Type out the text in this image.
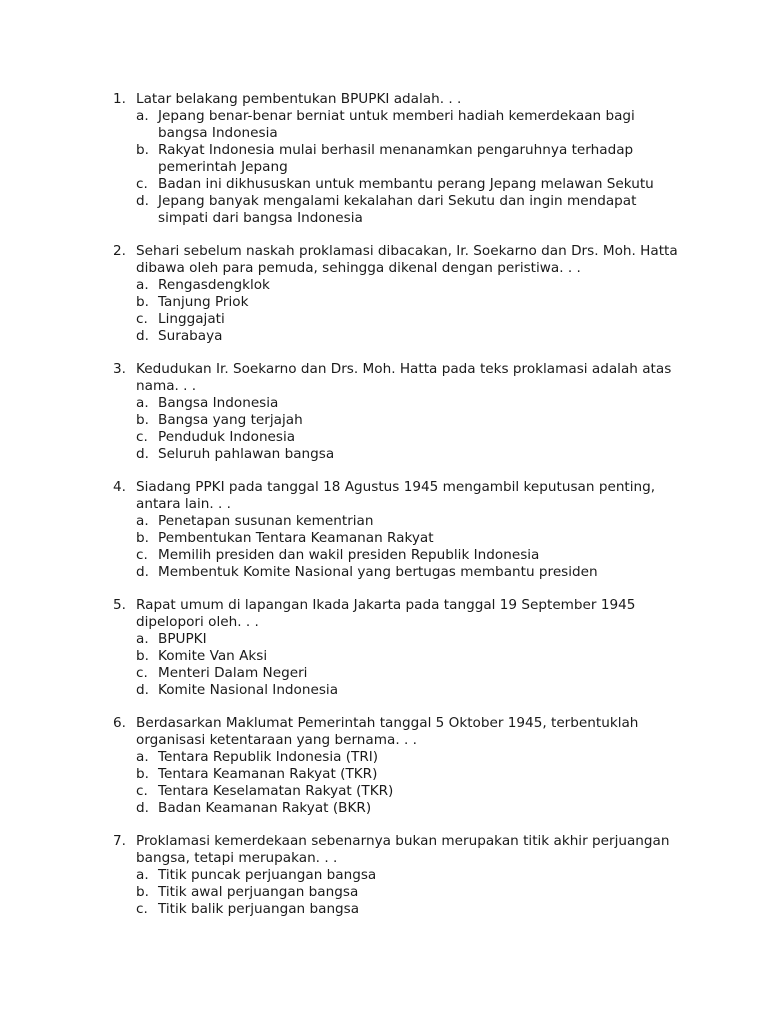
1. Latar belakang pembentukan BPUPKI adalah. . .
a. Jepang benar-benar berniat untuk memberi hadiah kemerdekaan bagi bangsa Indonesia
b. Rakyat Indonesia mulai berhasil menanamkan pengaruhnya terhadap pemerintah Jepang
c. Badan ini dikhususkan untuk membantu perang Jepang melawan Sekutu
d. Jepang banyak mengalami kekalahan dari Sekutu dan ingin mendapat simpati dari bangsa Indonesia
2. Sehari sebelum naskah proklamasi dibacakan, Ir. Soekarno dan Drs. Moh. Hatta dibawa oleh para pemuda, sehingga dikenal dengan peristiwa. . .
a. Rengasdengklok
b. Tanjung Priok
c. Linggajati
d. Surabaya
3. Kedudukan Ir. Soekarno dan Drs. Moh. Hatta pada teks proklamasi adalah atas nama. . .
a. Bangsa Indonesia
b. Bangsa yang terjajah
c. Penduduk Indonesia
d. Seluruh pahlawan bangsa
4. Siadang PPKI pada tanggal 18 Agustus 1945 mengambil keputusan penting, antara lain. . .
a. Penetapan susunan kementrian
b. Pembentukan Tentara Keamanan Rakyat
c. Memilih presiden dan wakil presiden Republik Indonesia
d. Membentuk Komite Nasional yang bertugas membantu presiden
5. Rapat umum di lapangan Ikada Jakarta pada tanggal 19 September 1945 dipelopori oleh. . .
a. BPUPKI
b. Komite Van Aksi
c. Menteri Dalam Negeri
d. Komite Nasional Indonesia
6. Berdasarkan Maklumat Pemerintah tanggal 5 Oktober 1945, terbentuklah organisasi ketentaraan yang bernama. . .
a. Tentara Republik Indonesia (TRI)
b. Tentara Keamanan Rakyat (TKR)
c. Tentara Keselamatan Rakyat (TKR)
d. Badan Keamanan Rakyat (BKR)
7. Proklamasi kemerdekaan sebenarnya bukan merupakan titik akhir perjuangan bangsa, tetapi merupakan. . .
a. Titik puncak perjuangan bangsa
b. Titik awal perjuangan bangsa
c. Titik balik perjuangan bangsa
